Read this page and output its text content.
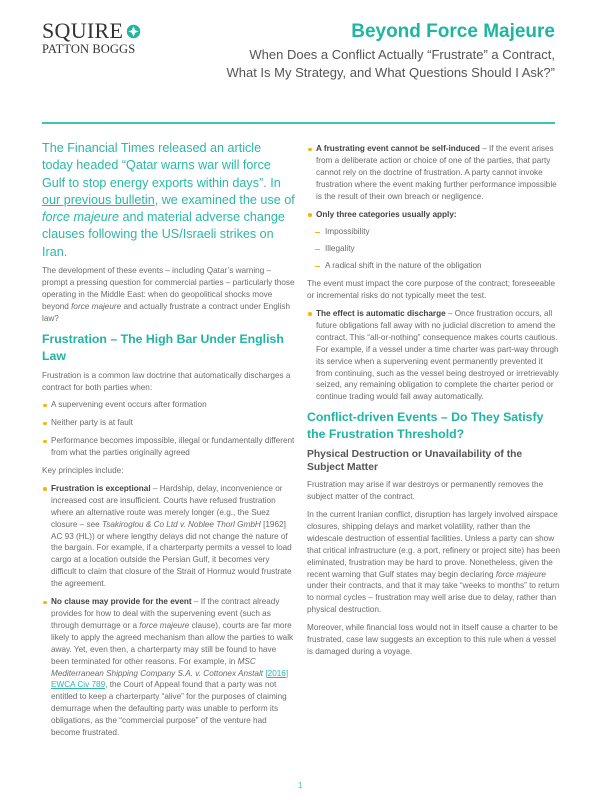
SQUIRE
PATTON BOGGS
Beyond Force Majeure
When Does a Conflict Actually “Frustrate” a Contract,
What Is My Strategy, and What Questions Should I Ask?”

The Financial Times released an article today headed “Qatar warns war will force Gulf to stop energy exports within days”. In our previous bulletin, we examined the use of force majeure and material adverse change clauses following the US/Israeli strikes on Iran.

The development of these events – including Qatar’s warning – prompt a pressing question for commercial parties – particularly those operating in the Middle East: when do geopolitical shocks move beyond force majeure and actually frustrate a contract under English law?

Frustration – The High Bar Under English Law

Frustration is a common law doctrine that automatically discharges a contract for both parties when:

A supervening event occurs after formation
Neither party is at fault
Performance becomes impossible, illegal or fundamentally different from what the parties originally agreed

Key principles include:

Frustration is exceptional – Hardship, delay, inconvenience or increased cost are insufficient. Courts have refused frustration where an alternative route was merely longer (e.g., the Suez closure – see Tsakiroglou & Co Ltd v. Noblee Thorl GmbH [1962] AC 93 (HL)) or where lengthy delays did not change the nature of the bargain. For example, if a charterparty permits a vessel to load cargo at a location outside the Persian Gulf, it becomes very difficult to claim that closure of the Strait of Hormuz would frustrate the agreement.
No clause may provide for the event – If the contract already provides for how to deal with the supervening event (such as through demurrage or a force majeure clause), courts are far more likely to apply the agreed mechanism than allow the parties to walk away. Yet, even then, a charterparty may still be found to have been terminated for other reasons. For example, in MSC Mediterranean Shipping Company S.A. v. Cottonex Anstalt [2016] EWCA Civ 789, the Court of Appeal found that a party was not entitled to keep a charterparty “alive” for the purposes of claiming demurrage when the defaulting party was unable to perform its obligations, as the “commercial purpose” of the venture had become frustrated.
A frustrating event cannot be self-induced – If the event arises from a deliberate action or choice of one of the parties, that party cannot rely on the doctrine of frustration. A party cannot invoke frustration where the event making further performance impossible is the result of their own breach or negligence.
Only three categories usually apply:
Impossibility
Illegality
A radical shift in the nature of the obligation

The event must impact the core purpose of the contract; foreseeable or incremental risks do not typically meet the test.

The effect is automatic discharge – Once frustration occurs, all future obligations fall away with no judicial discretion to amend the contract. This “all-or-nothing” consequence makes courts cautious. For example, if a vessel under a time charter was part-way through its service when a supervening event permanently prevented it from continuing, such as the vessel being destroyed or irretrievably seized, any remaining obligation to complete the charter period or continue trading would fall away automatically.
Conflict-driven Events – Do They Satisfy the Frustration Threshold?
Physical Destruction or Unavailability of the Subject Matter

Frustration may arise if war destroys or permanently removes the subject matter of the contract.

In the current Iranian conflict, disruption has largely involved airspace closures, shipping delays and market volatility, rather than the widescale destruction of essential facilities. Unless a party can show that critical infrastructure (e.g. a port, refinery or project site) has been eliminated, frustration may be hard to prove. Nonetheless, given the recent warning that Gulf states may begin declaring force majeure under their contracts, and that it may take “weeks to months” to return to normal cycles – frustration may well arise due to delay, rather than physical destruction.

Moreover, while financial loss would not in itself cause a charter to be frustrated, case law suggests an exception to this rule when a vessel is damaged during a voyage.

1
